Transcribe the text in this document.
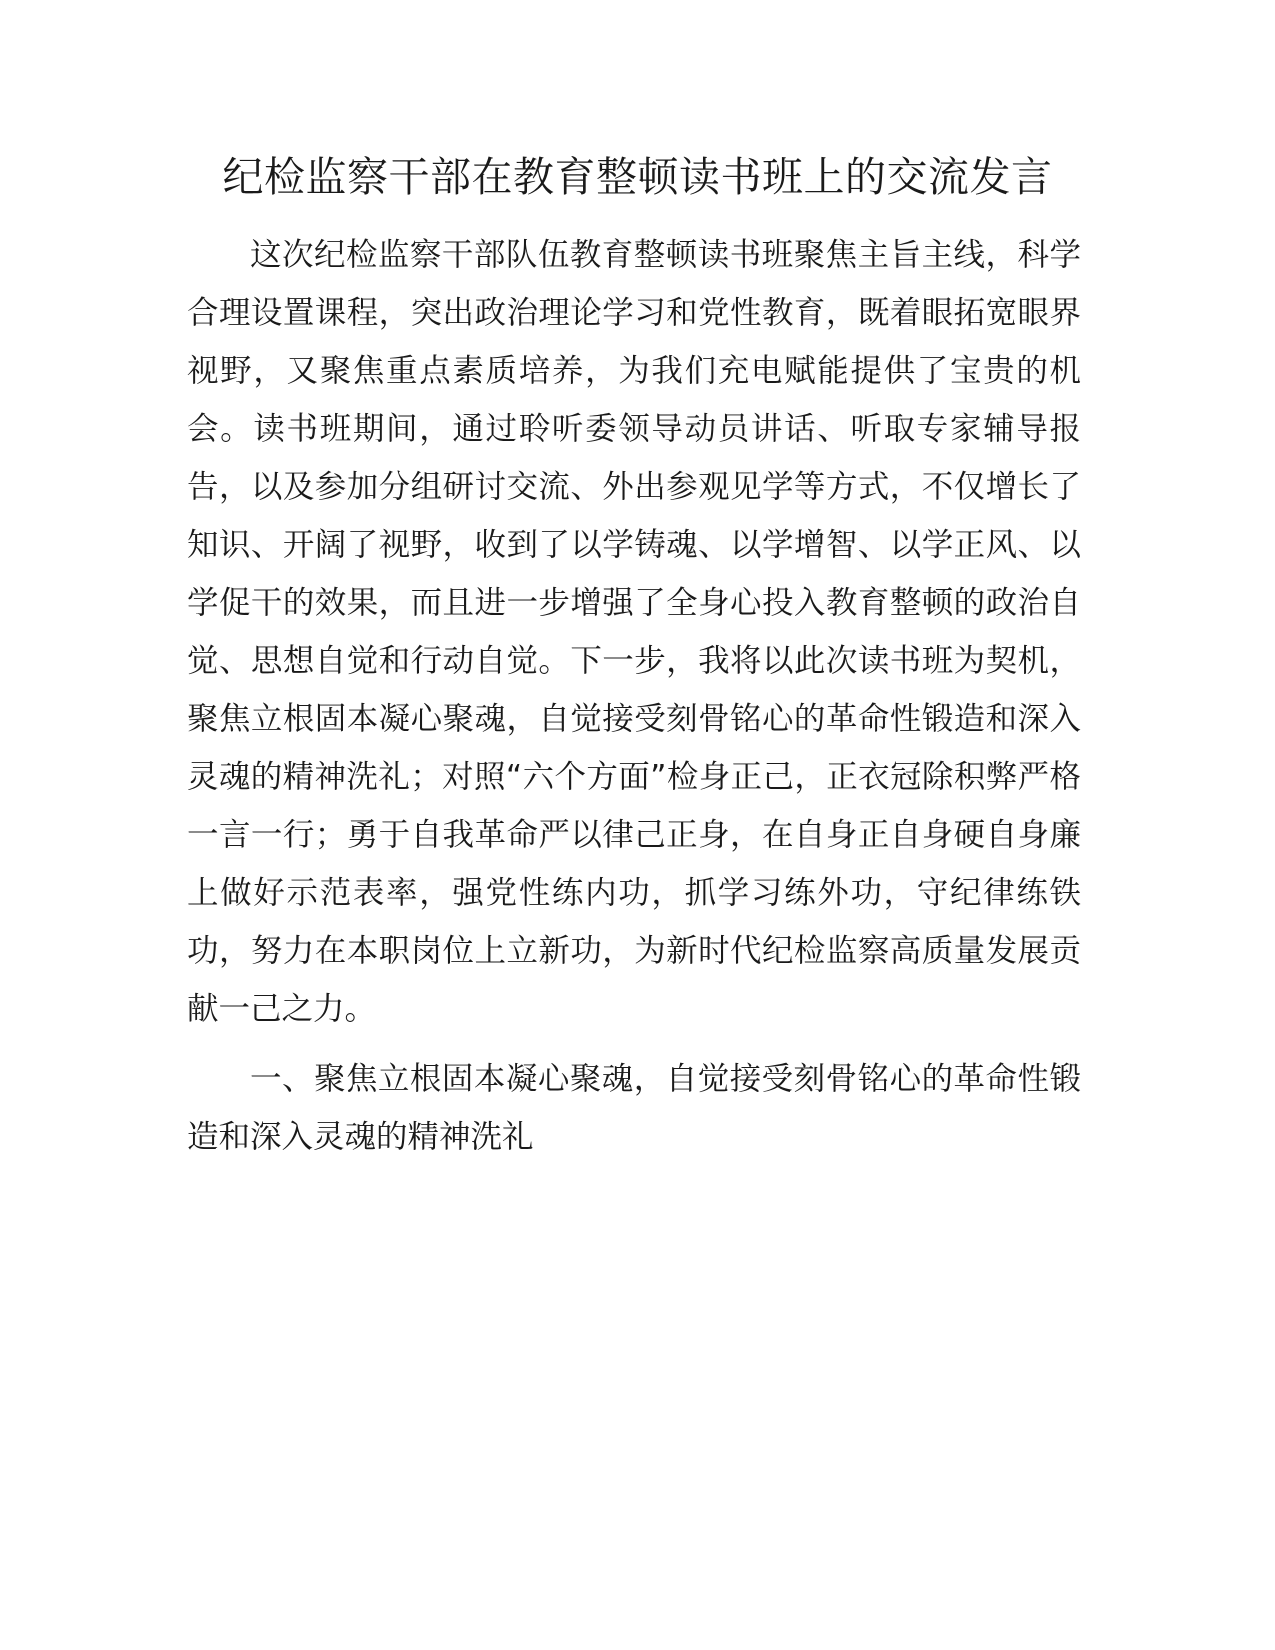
纪检监察干部在教育整顿读书班上的交流发言

这次纪检监察干部队伍教育整顿读书班聚焦主旨主线，科学合理设置课程，突出政治理论学习和党性教育，既着眼拓宽眼界视野，又聚焦重点素质培养，为我们充电赋能提供了宝贵的机会。读书班期间，通过聆听委领导动员讲话、听取专家辅导报告，以及参加分组研讨交流、外出参观见学等方式，不仅增长了知识、开阔了视野，收到了以学铸魂、以学增智、以学正风、以学促干的效果，而且进一步增强了全身心投入教育整顿的政治自觉、思想自觉和行动自觉。下一步，我将以此次读书班为契机，聚焦立根固本凝心聚魂，自觉接受刻骨铭心的革命性锻造和深入灵魂的精神洗礼；对照“六个方面”检身正己，正衣冠除积弊严格一言一行；勇于自我革命严以律己正身，在自身正自身硬自身廉上做好示范表率，强党性练内功，抓学习练外功，守纪律练铁功，努力在本职岗位上立新功，为新时代纪检监察高质量发展贡献一己之力。

一、聚焦立根固本凝心聚魂，自觉接受刻骨铭心的革命性锻造和深入灵魂的精神洗礼
